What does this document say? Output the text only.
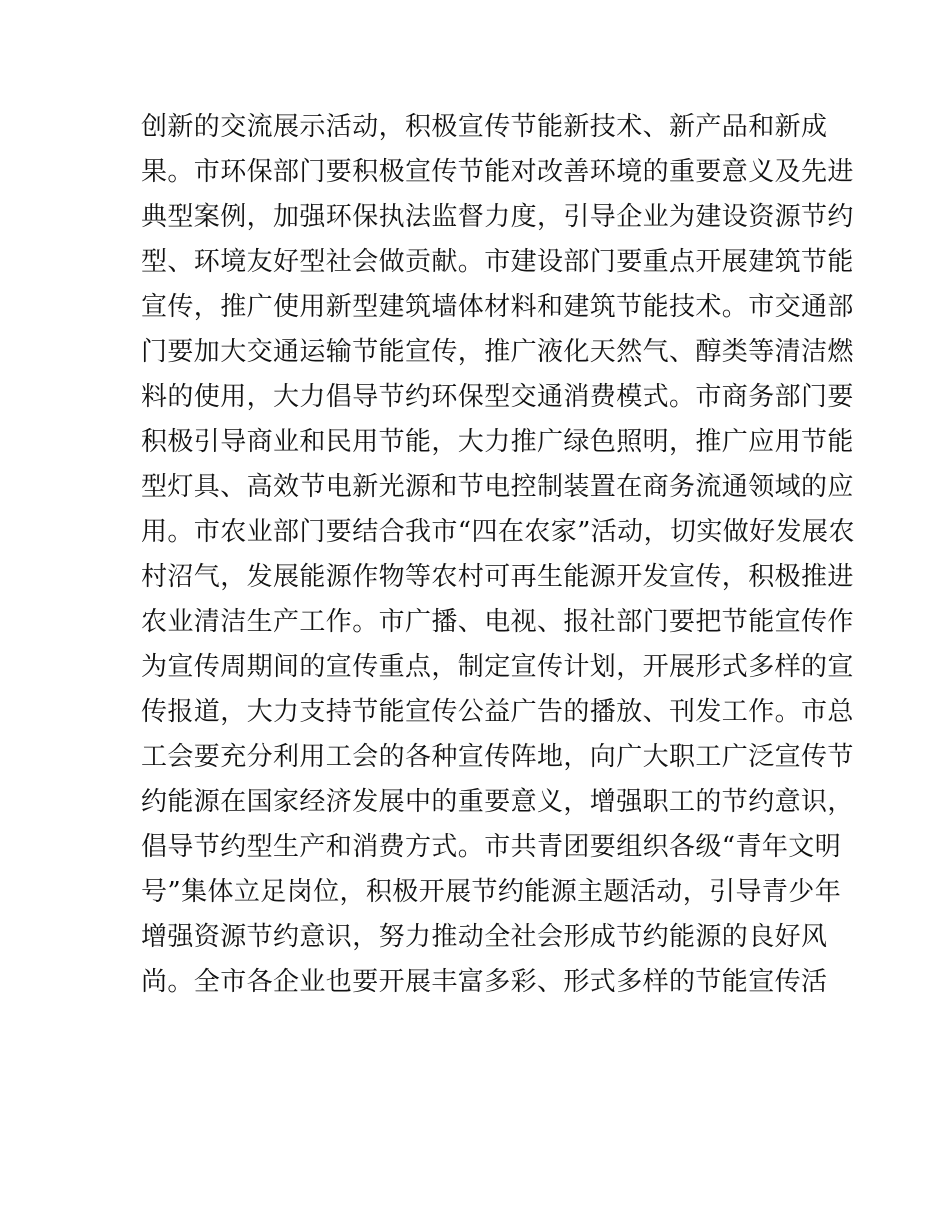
创新的交流展示活动，积极宣传节能新技术、新产品和新成
果。市环保部门要积极宣传节能对改善环境的重要意义及先进
典型案例，加强环保执法监督力度，引导企业为建设资源节约
型、环境友好型社会做贡献。市建设部门要重点开展建筑节能
宣传，推广使用新型建筑墙体材料和建筑节能技术。市交通部
门要加大交通运输节能宣传，推广液化天然气、醇类等清洁燃
料的使用，大力倡导节约环保型交通消费模式。市商务部门要
积极引导商业和民用节能，大力推广绿色照明，推广应用节能
型灯具、高效节电新光源和节电控制装置在商务流通领域的应
用。市农业部门要结合我市“四在农家”活动，切实做好发展农
村沼气，发展能源作物等农村可再生能源开发宣传，积极推进
农业清洁生产工作。市广播、电视、报社部门要把节能宣传作
为宣传周期间的宣传重点，制定宣传计划，开展形式多样的宣
传报道，大力支持节能宣传公益广告的播放、刊发工作。市总
工会要充分利用工会的各种宣传阵地，向广大职工广泛宣传节
约能源在国家经济发展中的重要意义，增强职工的节约意识，
倡导节约型生产和消费方式。市共青团要组织各级“青年文明
号”集体立足岗位，积极开展节约能源主题活动，引导青少年
增强资源节约意识，努力推动全社会形成节约能源的良好风
尚。全市各企业也要开展丰富多彩、形式多样的节能宣传活
